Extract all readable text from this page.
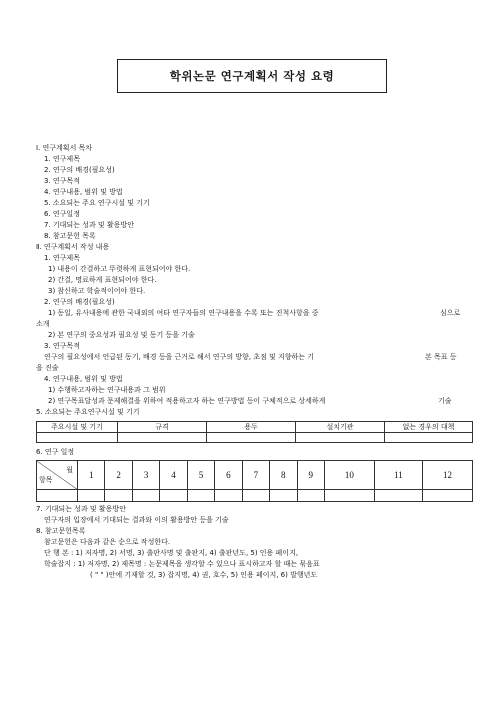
학위논문 연구계획서 작성 요령
Ⅰ. 연구계획서 목차
1. 연구제목
2. 연구의 배경(필요성)
3. 연구목적
4. 연구내용, 범위 및 방법
5. 소요되는 주요 연구시설 및 기기
6. 연구일정
7. 기대되는 성과 및 활용방안
8. 참고문헌 목록
Ⅱ. 연구계획서 작성 내용
1. 연구제목
1) 내용이 간결하고 뚜렷하게 표현되어야 한다.
2) 간결, 명료하게 표현되어야 한다.
3) 참신하고 학술적이어야 한다.
2. 연구의 배경(필요성)
1) 동일, 유사내용에 관한 국내외의 여타 연구자들의 연구내용을 수록 또는 진척사항을 중	심으로
소개
2) 본 연구의 중요성과 필요성 및 동기 등을 기술
3. 연구목적
연구의 필요성에서 언급된 동기, 배경 등을 근거로 해서 연구의 방향, 초점 및 지향하는 기	본 목표 등
을 진술
4. 연구내용, 범위 및 방법
1) 수행하고자하는 연구내용과 그 범위
2) 연구목표달성과 문제해결을 위하여 적용하고자 하는 연구방법 등이 구체적으로 상세하게	기술
5. 소요되는 주요연구시설 및 기기
주요시설 및 기기	규격	용두	설치기관	없는 경우의 대책

6. 연구 일정
월
항목	1	2	3	4	5	6	7	8	9	10	11	12

7. 기대되는 성과 및 활용방안
연구자의 입장에서 기대되는 결과와 이의 활용방안 등을 기술
8. 참고문헌목록
참고문헌은 다음과 같은 순으로 작성한다.
단 행 본 : 1) 저자명, 2) 서명, 3) 출판사명 및 출판지, 4) 출판년도, 5) 인용 페이지,
학술잡지 : 1) 저자명, 2) 제목명 : 논문제목을 생각할 수 있으나 표시하고자 할 때는 묶음표
( " " )안에 기재할 것, 3) 잡지명, 4) 권, 호수, 5) 인용 페이지, 6) 발행년도
